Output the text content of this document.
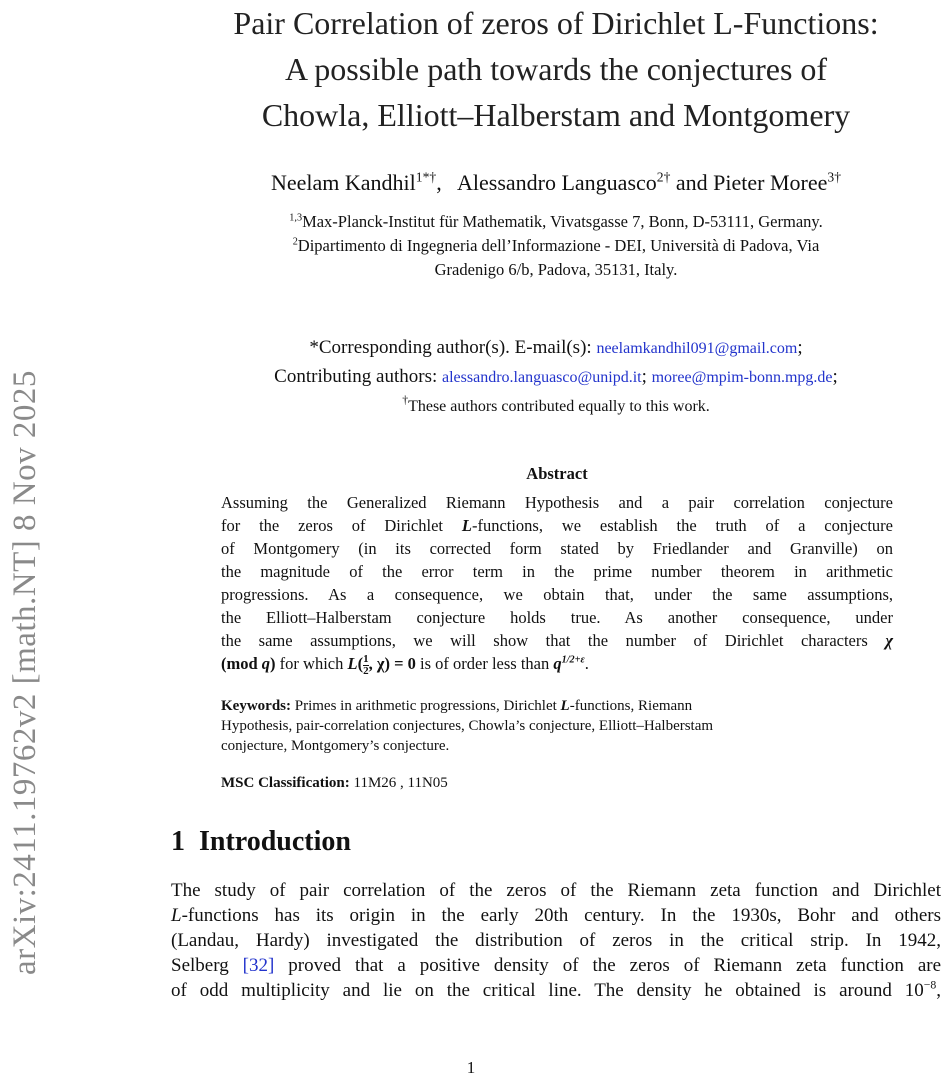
arXiv:2411.19762v2 [math.NT] 8 Nov 2025
Pair Correlation of zeros of Dirichlet L-Functions:
A possible path towards the conjectures of
Chowla, Elliott–Halberstam and Montgomery
Neelam Kandhil$^{1*\dagger}$,   Alessandro Languasco$^{2\dagger}$ and Pieter Moree$^{3\dagger}$
$^{1,3}$Max-Planck-Institut für Mathematik, Vivatsgasse 7, Bonn, D-53111, Germany.
$^2$Dipartimento di Ingegneria dell’Informazione - DEI, Università di Padova, Via
Gradenigo 6/b, Padova, 35131, Italy.
*Corresponding author(s). E-mail(s): neelamkandhil091@gmail.com;
Contributing authors: alessandro.languasco@unipd.it; moree@mpim-bonn.mpg.de;
†These authors contributed equally to this work.
Abstract
Assuming the Generalized Riemann Hypothesis and a pair correlation conjecture
for the zeros of Dirichlet L-functions, we establish the truth of a conjecture
of Montgomery (in its corrected form stated by Friedlander and Granville) on
the magnitude of the error term in the prime number theorem in arithmetic
progressions. As a consequence, we obtain that, under the same assumptions,
the Elliott–Halberstam conjecture holds true. As another consequence, under
the same assumptions, we will show that the number of Dirichlet characters χ
(mod q) for which $L( \frac{1}{2}$ , χ) = 0 is of order less than $q^{1/2+\varepsilon}$.
Keywords: Primes in arithmetic progressions, Dirichlet L-functions, Riemann
Hypothesis, pair-correlation conjectures, Chowla’s conjecture, Elliott–Halberstam
conjecture, Montgomery’s conjecture.
MSC Classification: 11M26 , 11N05
1 Introduction
The study of pair correlation of the zeros of the Riemann zeta function and Dirichlet
L-functions has its origin in the early 20th century. In the 1930s, Bohr and others
(Landau, Hardy) investigated the distribution of zeros in the critical strip. In 1942,
Selberg [32] proved that a positive density of the zeros of Riemann zeta function are
of odd multiplicity and lie on the critical line. The density he obtained is around $10^{-8}$,
1
